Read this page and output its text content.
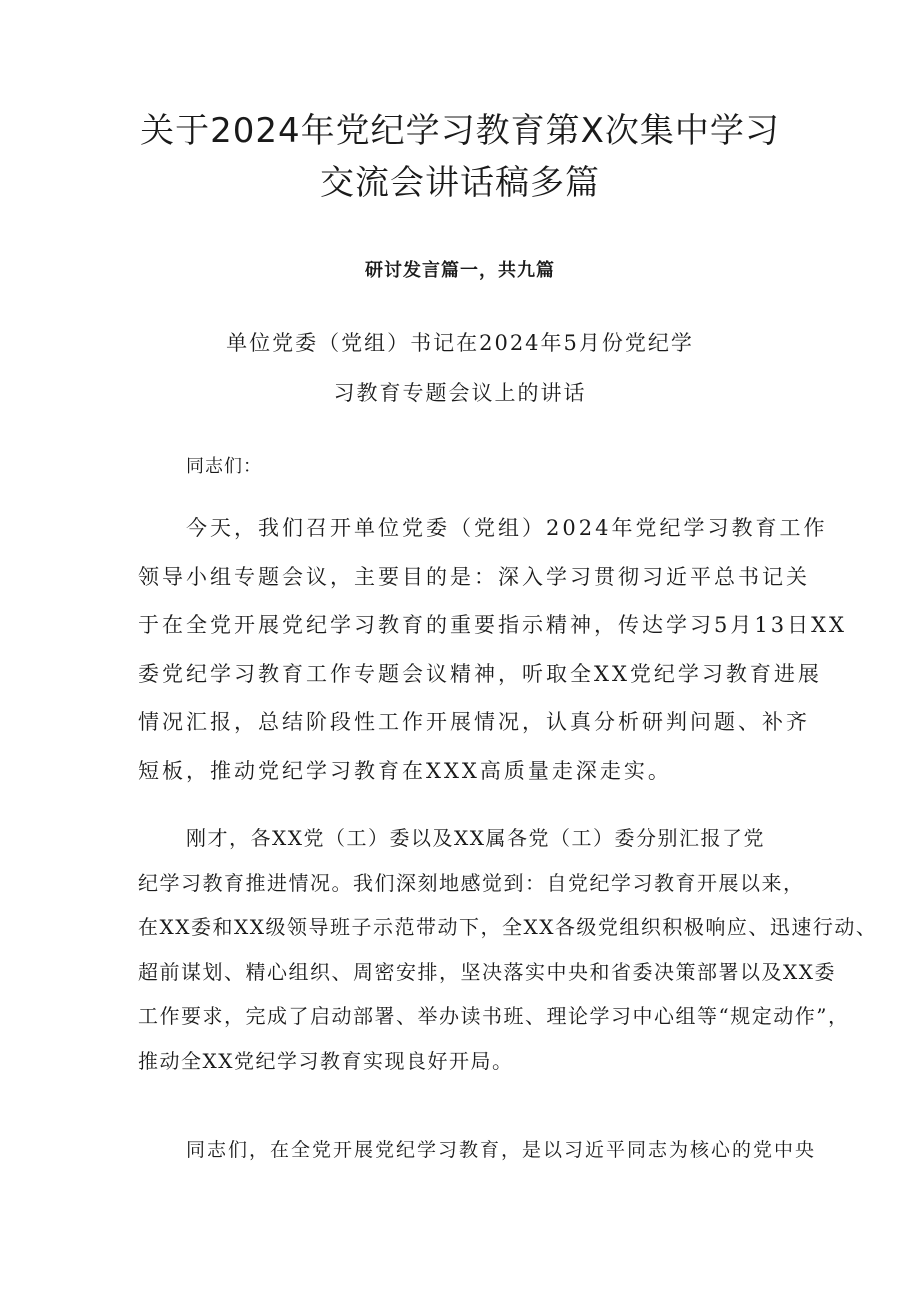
关于2024年党纪学习教育第X次集中学习
交流会讲话稿多篇
研讨发言篇一，共九篇
单位党委（党组）书记在2024年5月份党纪学
习教育专题会议上的讲话
同志们：
今天，我们召开单位党委（党组）2024年党纪学习教育工作
领导小组专题会议，主要目的是：深入学习贯彻习近平总书记关
于在全党开展党纪学习教育的重要指示精神，传达学习5月13日XX
委党纪学习教育工作专题会议精神，听取全XX党纪学习教育进展
情况汇报，总结阶段性工作开展情况，认真分析研判问题、补齐
短板，推动党纪学习教育在XXX高质量走深走实。
刚才，各XX党（工）委以及XX属各党（工）委分别汇报了党
纪学习教育推进情况。我们深刻地感觉到：自党纪学习教育开展以来，
在XX委和XX级领导班子示范带动下，全XX各级党组织积极响应、迅速行动、
超前谋划、精心组织、周密安排，坚决落实中央和省委决策部署以及XX委
工作要求，完成了启动部署、举办读书班、理论学习中心组等“规定动作”，
推动全XX党纪学习教育实现良好开局。
同志们，在全党开展党纪学习教育，是以习近平同志为核心的党中央
